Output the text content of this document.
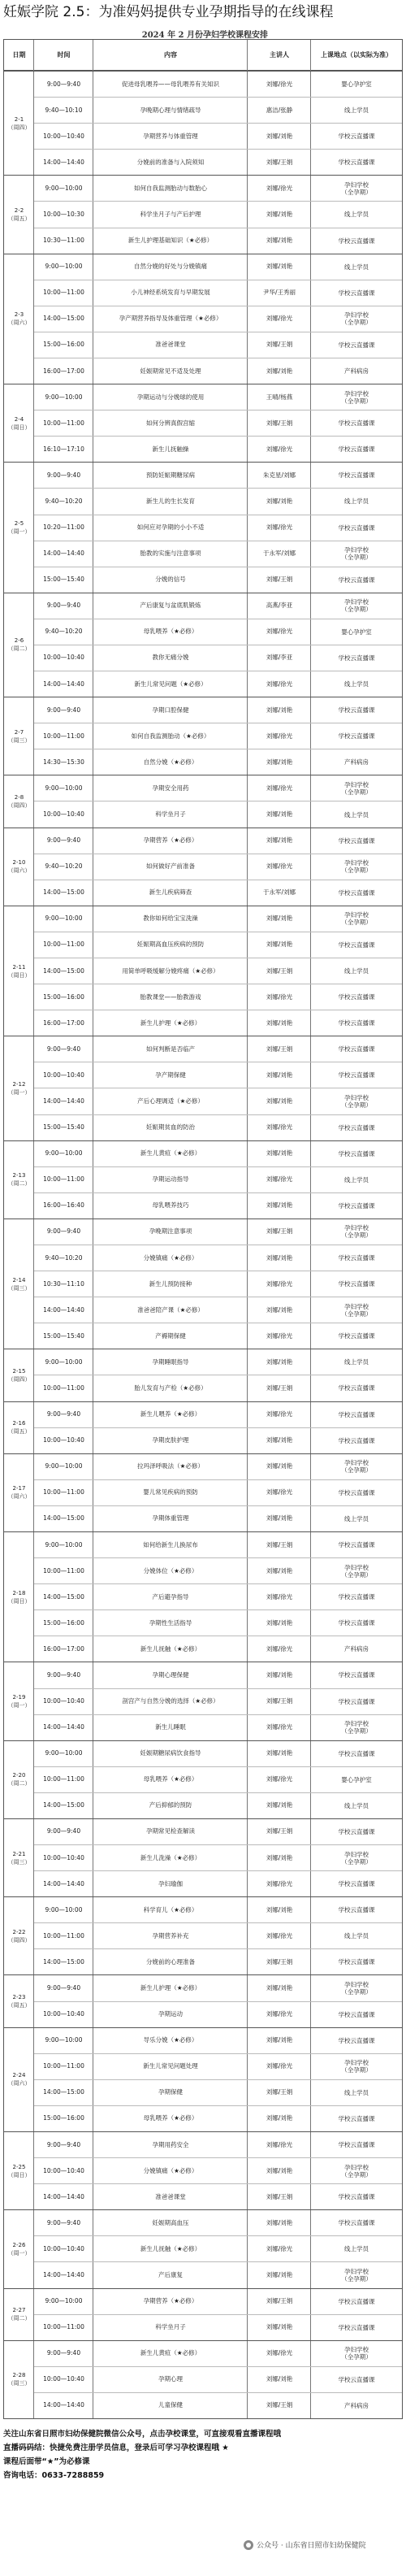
妊娠学院 2.5：为准妈妈提供专业孕期指导的在线课程
2024 年 2 月份孕妇学校课程安排
日期	时间	内容	主讲人	上课地点（以实际为准）
2-1
（周四）
9:00—9:40	促进母乳喂养——母乳喂养有关知识	刘娜/徐光	婴心孕护室
9:40—10:10	孕晚期心理与情绪疏导	惠洁/张静	线上学员
10:00—10:40	孕期营养与体重管理	刘娜/刘艳	学校云直播课
14:00—14:40	分娩前的准备与入院须知	刘娜/王娟	学校云直播课
2-2
（周五）
9:00—10:00	如何自我监测胎动与数胎心	刘娜/徐光	孕妇学校
（全孕期）
10:00—10:30	科学坐月子与产后护理	刘娜/刘艳	线上学员
10:30—11:00	新生儿护理基础知识（★必修）	刘娜/刘艳	学校云直播课
2-3
（周六）
9:00—10:00	自然分娩的好处与分娩镇痛	刘娜/刘艳	线上学员
10:00—11:00	小儿神经系统发育与早期发展	尹华/王秀丽	学校云直播课
14:00—15:00	孕产期营养指导及体重管理（★必修）	刘娜/徐光	孕妇学校
（全孕期）
15:00—16:00	准爸爸课堂	刘娜/王娟	学校云直播课
16:00—17:00	妊娠期常见不适及处理	刘娜/刘艳	产科病房
2-4
（周日）
9:00—10:00	孕期运动与分娩球的使用	王晴/杨燕	孕妇学校
（全孕期）
10:00—11:00	如何分辨真假宫缩	刘娜/王娟	学校云直播课
16:10—17:10	新生儿抚触操	刘娜/徐光	学校云直播课
2-5
（周一）
9:00—9:40	预防妊娠期糖尿病	朱克星/刘娜	学校云直播课
9:40—10:20	新生儿的生长发育	刘娜/刘艳	线上学员
10:20—11:00	如何应对孕期的小小不适	刘娜/徐光	学校云直播课
14:00—14:40	胎教的实施与注意事项	于永军/刘娜	孕妇学校
（全孕期）
15:00—15:40	分娩的信号	刘娜/王娟	学校云直播课
2-6
（周二）
9:00—9:40	产后康复与盆底肌锻炼	高燕/李亚	孕妇学校
（全孕期）
9:40—10:20	母乳喂养（★必修）	刘娜/徐光	婴心孕护室
10:00—10:40	教你无痛分娩	刘娜/李亚	学校云直播课
14:00—14:40	新生儿常见问题（★必修）	刘娜/徐光	线上学员
2-7
（周三）
9:00—9:40	孕期口腔保健	刘娜/刘艳	学校云直播课
10:00—11:00	如何自我监测胎动（★必修）	刘娜/徐光	学校云直播课
14:30—15:30	自然分娩（★必修）	刘娜/刘艳	产科病房
2-8
（周四）
9:00—10:00	孕期安全用药	刘娜/徐光	孕妇学校
（全孕期）
10:00—10:40	科学坐月子	刘娜/刘艳	线上学员
2-10
（周六）
9:00—9:40	孕期营养（★必修）	刘娜/刘艳	学校云直播课
9:40—10:20	如何做好产前准备	刘娜/徐光	孕妇学校
（全孕期）
14:00—15:00	新生儿疾病筛查	于永军/刘娜	学校云直播课
2-11
（周日）
9:00—10:00	教你如何给宝宝洗澡	刘娜/刘艳	孕妇学校
（全孕期）
10:00—11:00	妊娠期高血压疾病的预防	刘娜/刘艳	学校云直播课
14:00—15:00	用简单呼吸缓解分娩疼痛（★必修）	刘娜/王娟	线上学员
15:00—16:00	胎教课堂——胎教游戏	刘娜/徐光	学校云直播课
16:00—17:00	新生儿护理（★必修）	刘娜/刘艳	学校云直播课
2-12
（周一）
9:00—9:40	如何判断是否临产	刘娜/王娟	学校云直播课
10:00—10:40	孕产期保健	刘娜/刘艳	学校云直播课
14:00—14:40	产后心理调适（★必修）	刘娜/刘艳	孕妇学校
（全孕期）
15:00—15:40	妊娠期贫血的防治	刘娜/徐光	学校云直播课
2-13
（周二）
9:00—10:00	新生儿黄疸（★必修）	刘娜/刘艳	学校云直播课
10:00—11:00	孕期运动指导	刘娜/徐光	线上学员
16:00—16:40	母乳喂养技巧	刘娜/刘艳	学校云直播课
2-14
（周三）
9:00—9:40	孕晚期注意事项	刘娜/王娟	孕妇学校
（全孕期）
9:40—10:20	分娩镇痛（★必修）	刘娜/刘艳	学校云直播课
10:30—11:10	新生儿预防接种	刘娜/徐光	学校云直播课
14:00—14:40	准爸爸陪产课（★必修）	刘娜/刘艳	孕妇学校
（全孕期）
15:00—15:40	产褥期保健	刘娜/徐光	学校云直播课
2-15
（周四）
9:00—10:00	孕期睡眠指导	刘娜/刘艳	线上学员
10:00—11:00	胎儿发育与产检（★必修）	刘娜/王娟	学校云直播课
2-16
（周五）
9:00—9:40	新生儿喂养（★必修）	刘娜/徐光	学校云直播课
10:00—10:40	孕期皮肤护理	刘娜/刘艳	学校云直播课
2-17
（周六）
9:00—10:00	拉玛泽呼吸法（★必修）	刘娜/刘艳	孕妇学校
（全孕期）
10:00—11:00	婴儿常见疾病的预防	刘娜/徐光	学校云直播课
14:00—15:00	孕期体重管理	刘娜/刘艳	线上学员
2-18
（周日）
9:00—10:00	如何给新生儿换尿布	刘娜/王娟	学校云直播课
10:00—11:00	分娩体位（★必修）	刘娜/刘艳	孕妇学校
（全孕期）
14:00—15:00	产后避孕指导	刘娜/徐光	学校云直播课
15:00—16:00	孕期性生活指导	刘娜/刘艳	学校云直播课
16:00—17:00	新生儿抚触（★必修）	刘娜/徐光	产科病房
2-19
（周一）
9:00—9:40	孕期心理保健	刘娜/刘艳	学校云直播课
10:00—10:40	剖宫产与自然分娩的选择（★必修）	刘娜/王娟	学校云直播课
14:00—14:40	新生儿睡眠	刘娜/徐光	孕妇学校
（全孕期）
2-20
（周二）
9:00—10:00	妊娠期糖尿病饮食指导	刘娜/刘艳	学校云直播课
10:00—11:00	母乳喂养（★必修）	刘娜/徐光	婴心孕护室
14:00—15:00	产后抑郁的预防	刘娜/刘艳	线上学员
2-21
（周三）
9:00—9:40	孕期常见检查解读	刘娜/王娟	学校云直播课
10:00—10:40	新生儿洗澡（★必修）	刘娜/刘艳	孕妇学校
（全孕期）
14:00—14:40	孕妇瑜伽	刘娜/徐光	学校云直播课
2-22
（周四）
9:00—10:00	科学育儿（★必修）	刘娜/刘艳	学校云直播课
10:00—11:00	孕期营养补充	刘娜/徐光	线上学员
14:00—15:00	分娩前的心理准备	刘娜/王娟	学校云直播课
2-23
（周五）
9:00—9:40	新生儿护理（★必修）	刘娜/刘艳	孕妇学校
（全孕期）
10:00—10:40	孕期运动	刘娜/徐光	学校云直播课
2-24
（周六）
9:00—10:00	导乐分娩（★必修）	刘娜/刘艳	学校云直播课
10:00—11:00	新生儿常见问题处理	刘娜/徐光	孕妇学校
（全孕期）
14:00—15:00	孕期保健	刘娜/王娟	线上学员
15:00—16:00	母乳喂养（★必修）	刘娜/刘艳	学校云直播课
2-25
（周日）
9:00—9:40	孕期用药安全	刘娜/徐光	学校云直播课
10:00—10:40	分娩镇痛（★必修）	刘娜/刘艳	孕妇学校
（全孕期）
14:00—14:40	准爸爸课堂	刘娜/王娟	学校云直播课
2-26
（周一）
9:00—9:40	妊娠期高血压	刘娜/刘艳	学校云直播课
10:00—10:40	新生儿抚触（★必修）	刘娜/徐光	线上学员
14:00—14:40	产后康复	刘娜/刘艳	孕妇学校
（全孕期）
2-27
（周二）
9:00—10:00	孕期营养（★必修）	刘娜/王娟	学校云直播课
10:00—11:00	科学坐月子	刘娜/刘艳	学校云直播课
2-28
（周三）
9:00—9:40	新生儿黄疸（★必修）	刘娜/徐光	孕妇学校
（全孕期）
10:00—10:40	孕期心理	刘娜/刘艳	学校云直播课
14:00—14:40	儿童保健	刘娜/王娟	产科病房
关注山东省日照市妇幼保健院微信公众号，点击孕校课堂，可直接观看直播课程哦
直播码码结：快捷免费注册学员信息，登录后可学习孕校课程哦 ★
课程后面带“★”为必修课
咨询电话：0633-7288859
公众号 · 山东省日照市妇幼保健院
